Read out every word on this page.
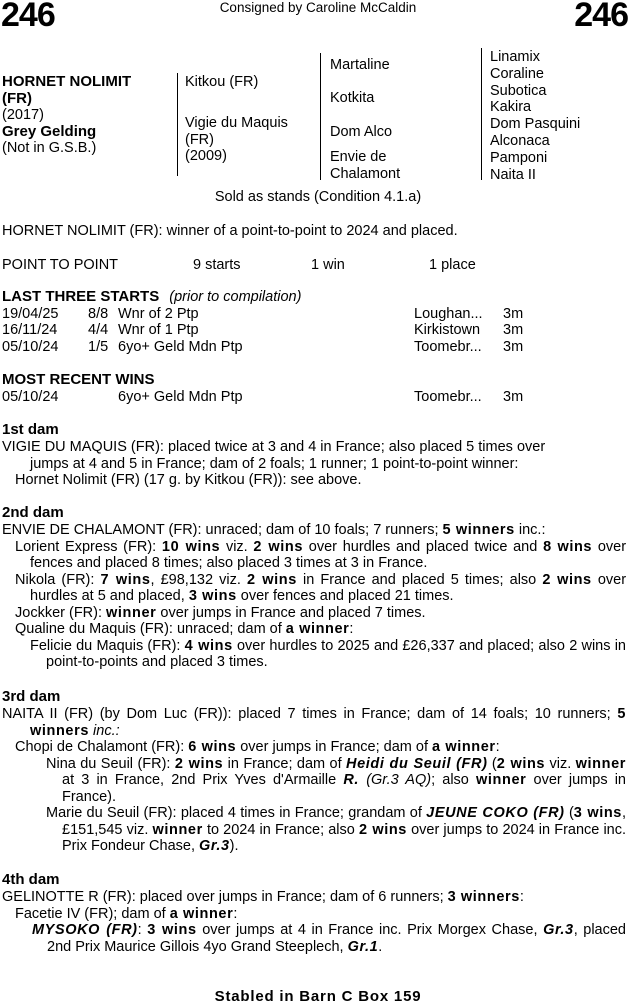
246	Consigned by Caroline McCaldin	246
HORNET NOLIMIT
(FR)
(2017)
Grey Gelding
(Not in G.S.B.)
Kitkou (FR)
Vigie du Maquis
(FR)
(2009)
Martaline
Kotkita
Dom Alco
Envie de
Chalamont
Linamix
Coraline
Subotica
Kakira
Dom Pasquini
Alconaca
Pamponi
Naita II
Sold as stands (Condition 4.1.a)
HORNET NOLIMIT (FR): winner of a point-to-point to 2024 and placed.
POINT TO POINT	9 starts	1 win	1 place
LAST THREE STARTS (prior to compilation)
19/04/25 8/8 Wnr of 2 Ptp	Loughan... 3m
16/11/24 4/4 Wnr of 1 Ptp	Kirkistown 3m
05/10/24 1/5 6yo+ Geld Mdn Ptp	Toomebr... 3m
MOST RECENT WINS
05/10/24	6yo+ Geld Mdn Ptp	Toomebr... 3m
1st dam
VIGIE DU MAQUIS (FR): placed twice at 3 and 4 in France; also placed 5 times over
jumps at 4 and 5 in France; dam of 2 foals; 1 runner; 1 point-to-point winner:
Hornet Nolimit (FR) (17 g. by Kitkou (FR)): see above.
2nd dam
ENVIE DE CHALAMONT (FR): unraced; dam of 10 foals; 7 runners; 5 winners inc.:
Lorient Express (FR): 10 wins viz. 2 wins over hurdles and placed twice and 8 wins over fences and placed 8 times; also placed 3 times at 3 in France.
Nikola (FR): 7 wins, £98,132 viz. 2 wins in France and placed 5 times; also 2 wins over hurdles at 5 and placed, 3 wins over fences and placed 21 times.
Jockker (FR): winner over jumps in France and placed 7 times.
Qualine du Maquis (FR): unraced; dam of a winner:
Felicie du Maquis (FR): 4 wins over hurdles to 2025 and £26,337 and placed; also 2 wins in point-to-points and placed 3 times.
3rd dam
NAITA II (FR) (by Dom Luc (FR)): placed 7 times in France; dam of 14 foals; 10 runners; 5 winners inc.:
Chopi de Chalamont (FR): 6 wins over jumps in France; dam of a winner:
Nina du Seuil (FR): 2 wins in France; dam of Heidi du Seuil (FR) (2 wins viz. winner at 3 in France, 2nd Prix Yves d'Armaille R. (Gr.3 AQ); also winner over jumps in France).
Marie du Seuil (FR): placed 4 times in France; grandam of JEUNE COKO (FR) (3 wins, £151,545 viz. winner to 2024 in France; also 2 wins over jumps to 2024 in France inc. Prix Fondeur Chase, Gr.3).
4th dam
GELINOTTE R (FR): placed over jumps in France; dam of 6 runners; 3 winners:
Facetie IV (FR); dam of a winner:
MYSOKO (FR): 3 wins over jumps at 4 in France inc. Prix Morgex Chase, Gr.3, placed 2nd Prix Maurice Gillois 4yo Grand Steeplech, Gr.1.
Stabled in Barn C Box 159
